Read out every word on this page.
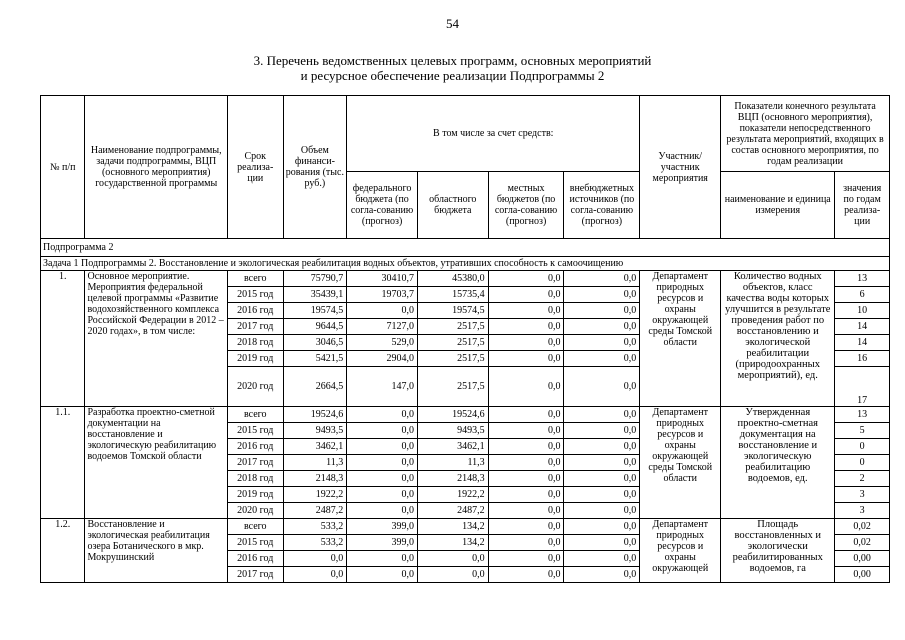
54
3. Перечень ведомственных целевых программ, основных мероприятий
и ресурсное обеспечение реализации Подпрограммы 2
№ п/п	Наименование подпрограммы, задачи подпрограммы, ВЦП (основного мероприятия) государственной программы	Срок реализа-ции	Объем финанси-рования (тыс. руб.)	В том числе за счет средств:				Участник/ участник мероприятия	Показатели конечного результата ВЦП (основного мероприятия), показатели непосредственного результата мероприятий, входящих в состав основного мероприятия, по годам реализации	
				федерального бюджета (по согла-сованию (прогноз)	областного бюджета	местных бюджетов (по согла-сованию (прогноз)	внебюджетных источников (по согла-сованию (прогноз)		наименование и единица измерения	значения по годам реализа-ции
Подпрограмма 2										
Задача 1 Подпрограммы 2. Восстановление и экологическая реабилитация водных объектов, утративших способность к самоочищению										
1.	Основное мероприятие. Мероприятия федеральной целевой программы «Развитие водохозяйственного комплекса Российской Федерации в 2012 – 2020 годах», в том числе:	всего	75790,7	30410,7	45380,0	0,0	0,0	Департамент природных ресурсов и охраны окружающей среды Томской области	Количество водных объектов, класс качества воды которых улучшится в результате проведения работ по восстановлению и экологической реабилитации (природоохранных мероприятий), ед.	13
		2015 год	35439,1	19703,7	15735,4	0,0	0,0			6
		2016 год	19574,5	0,0	19574,5	0,0	0,0			10
		2017 год	9644,5	7127,0	2517,5	0,0	0,0			14
		2018 год	3046,5	529,0	2517,5	0,0	0,0			14
		2019 год	5421,5	2904,0	2517,5	0,0	0,0			16
		2020 год	2664,5	147,0	2517,5	0,0	0,0			17
1.1.	Разработка проектно-сметной документации на восстановление и экологическую реабилитацию водоемов Томской области	всего	19524,6	0,0	19524,6	0,0	0,0	Департамент природных ресурсов и охраны окружающей среды Томской области	Утвержденная проектно-сметная документация на восстановление и экологическую реабилитацию водоемов, ед.	13
		2015 год	9493,5	0,0	9493,5	0,0	0,0			5
		2016 год	3462,1	0,0	3462,1	0,0	0,0			0
		2017 год	11,3	0,0	11,3	0,0	0,0			0
		2018 год	2148,3	0,0	2148,3	0,0	0,0			2
		2019 год	1922,2	0,0	1922,2	0,0	0,0			3
		2020 год	2487,2	0,0	2487,2	0,0	0,0			3
1.2.	Восстановление и экологическая реабилитация озера Ботанического в мкр. Мокрушинский	всего	533,2	399,0	134,2	0,0	0,0	Департамент природных ресурсов и охраны окружающей	Площадь восстановленных и экологически реабилитированных водоемов, га	0,02
		2015 год	533,2	399,0	134,2	0,0	0,0			0,02
		2016 год	0,0	0,0	0,0	0,0	0,0			0,00
		2017 год	0,0	0,0	0,0	0,0	0,0			0,00
